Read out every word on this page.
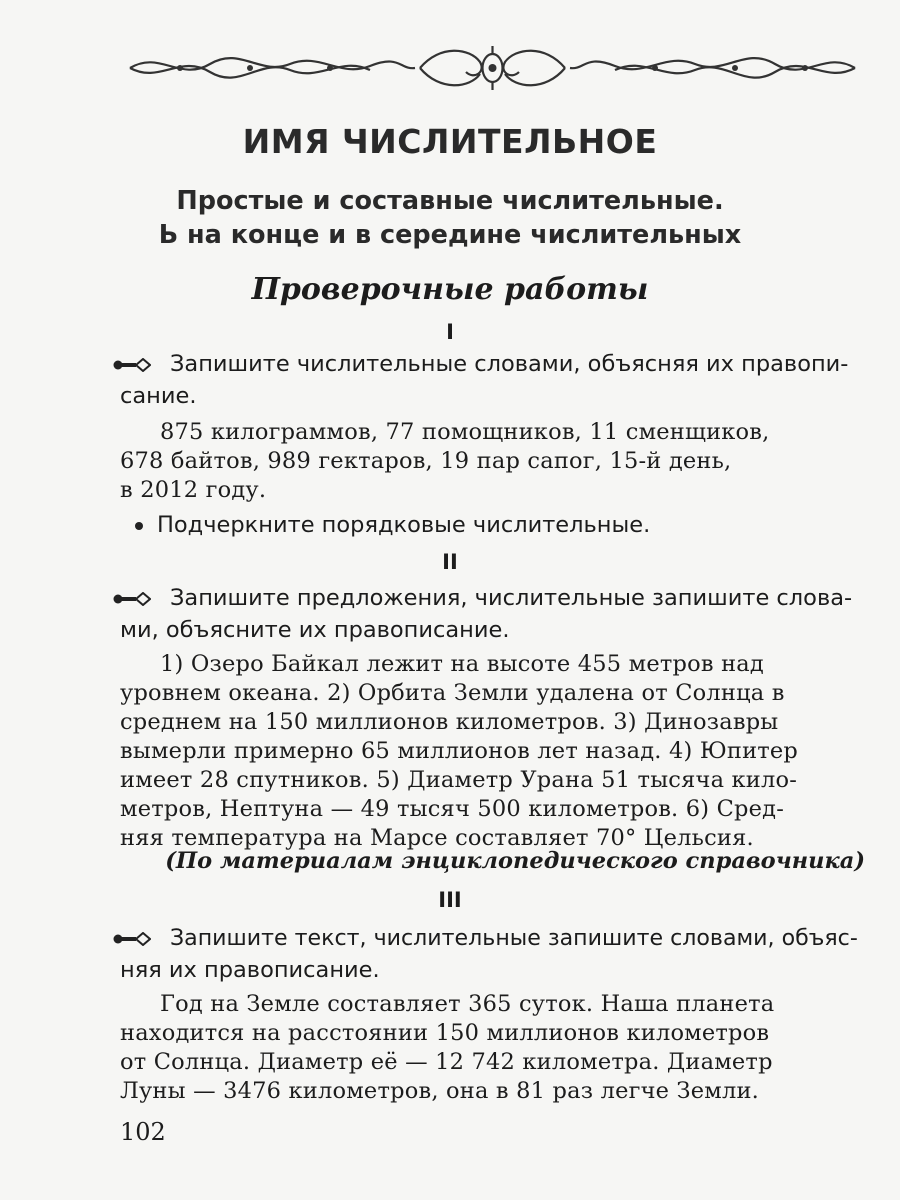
ИМЯ ЧИСЛИТЕЛЬНОЕ
Простые и составные числительные.
Ь на конце и в середине числительных
Проверочные работы
I
Запишите числительные словами, объясняя их правопи-
сание.
875 килограммов, 77 помощников, 11 сменщиков,
678 байтов, 989 гектаров, 19 пар сапог, 15-й день,
в 2012 году.
Подчеркните порядковые числительные.
II
Запишите предложения, числительные запишите слова-
ми, объясните их правописание.
1) Озеро Байкал лежит на высоте 455 метров над
уровнем океана. 2) Орбита Земли удалена от Солнца в
среднем на 150 миллионов километров. 3) Динозавры
вымерли примерно 65 миллионов лет назад. 4) Юпитер
имеет 28 спутников. 5) Диаметр Урана 51 тысяча кило-
метров, Нептуна — 49 тысяч 500 километров. 6) Сред-
няя температура на Марсе составляет 70° Цельсия.
(По материалам энциклопедического справочника)
III
Запишите текст, числительные запишите словами, объяс-
няя их правописание.
Год на Земле составляет 365 суток. Наша планета
находится на расстоянии 150 миллионов километров
от Солнца. Диаметр её — 12 742 километра. Диаметр
Луны — 3476 километров, она в 81 раз легче Земли.
102
